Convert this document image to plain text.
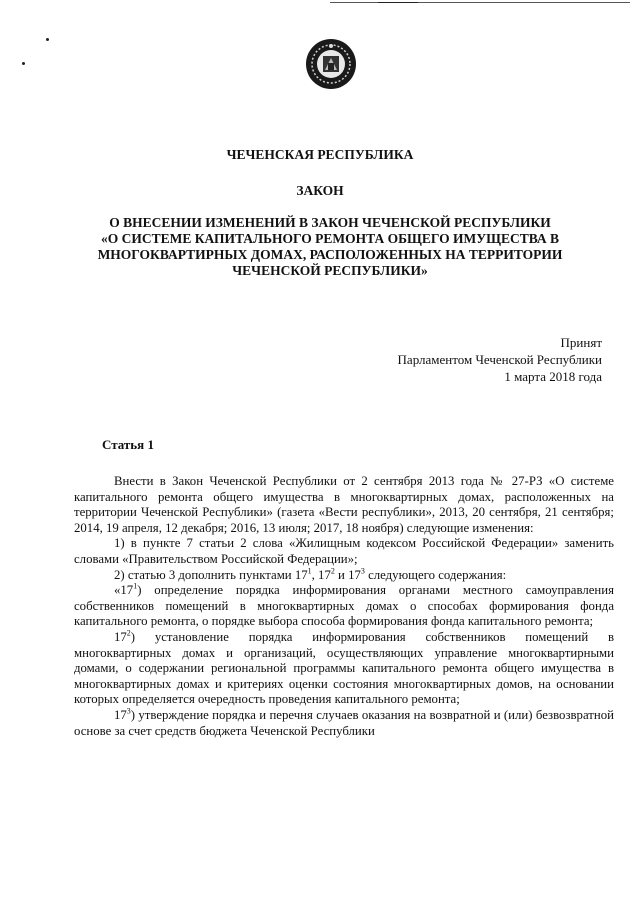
ЧЕЧЕНСКАЯ РЕСПУБЛИКА
ЗАКОН
О ВНЕСЕНИИ ИЗМЕНЕНИЙ В ЗАКОН ЧЕЧЕНСКОЙ РЕСПУБЛИКИ
«О СИСТЕМЕ КАПИТАЛЬНОГО РЕМОНТА ОБЩЕГО ИМУЩЕСТВА В
МНОГОКВАРТИРНЫХ ДОМАХ, РАСПОЛОЖЕННЫХ НА ТЕРРИТОРИИ
ЧЕЧЕНСКОЙ РЕСПУБЛИКИ»
Принят
Парламентом Чеченской Республики
1 марта 2018 года
Статья 1

Внести в Закон Чеченской Республики от 2 сентября 2013 года № 27-РЗ «О системе капитального ремонта общего имущества в многоквартирных домах, расположенных на территории Чеченской Республики» (газета «Вести республики», 2013, 20 сентября, 21 сентября; 2014, 19 апреля, 12 декабря; 2016, 13 июля; 2017, 18 ноября) следующие изменения:

1) в пункте 7 статьи 2 слова «Жилищным кодексом Российской Федерации» заменить словами «Правительством Российской Федерации»;

2) статью 3 дополнить пунктами $17^1$, $17^2$ и $17^3$ следующего содержания:

«$17^1$) определение порядка информирования органами местного самоуправления собственников помещений в многоквартирных домах о способах формирования фонда капитального ремонта, о порядке выбора способа формирования фонда капитального ремонта;

$17^2$) установление порядка информирования собственников помещений в многоквартирных домах и организаций, осуществляющих управление многоквартирными домами, о содержании региональной программы капитального ремонта общего имущества в многоквартирных домах и критериях оценки состояния многоквартирных домов, на основании которых определяется очередность проведения капитального ремонта;

$17^3$) утверждение порядка и перечня случаев оказания на возвратной и (или) безвозвратной основе за счет средств бюджета Чеченской Республики
